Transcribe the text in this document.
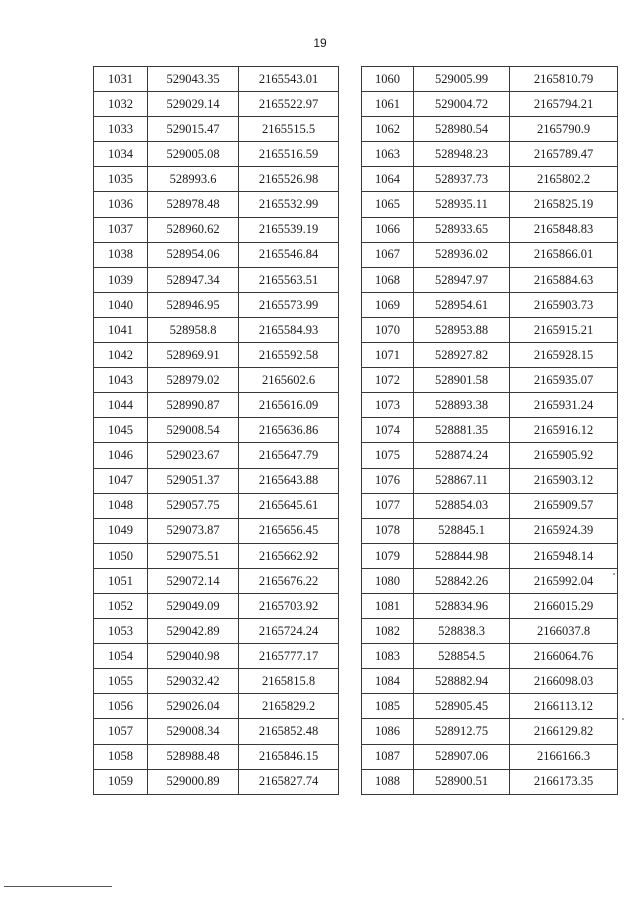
19
1031	529043.35	2165543.01
1032	529029.14	2165522.97
1033	529015.47	2165515.5
1034	529005.08	2165516.59
1035	528993.6	2165526.98
1036	528978.48	2165532.99
1037	528960.62	2165539.19
1038	528954.06	2165546.84
1039	528947.34	2165563.51
1040	528946.95	2165573.99
1041	528958.8	2165584.93
1042	528969.91	2165592.58
1043	528979.02	2165602.6
1044	528990.87	2165616.09
1045	529008.54	2165636.86
1046	529023.67	2165647.79
1047	529051.37	2165643.88
1048	529057.75	2165645.61
1049	529073.87	2165656.45
1050	529075.51	2165662.92
1051	529072.14	2165676.22
1052	529049.09	2165703.92
1053	529042.89	2165724.24
1054	529040.98	2165777.17
1055	529032.42	2165815.8
1056	529026.04	2165829.2
1057	529008.34	2165852.48
1058	528988.48	2165846.15
1059	529000.89	2165827.74
1060	529005.99	2165810.79
1061	529004.72	2165794.21
1062	528980.54	2165790.9
1063	528948.23	2165789.47
1064	528937.73	2165802.2
1065	528935.11	2165825.19
1066	528933.65	2165848.83
1067	528936.02	2165866.01
1068	528947.97	2165884.63
1069	528954.61	2165903.73
1070	528953.88	2165915.21
1071	528927.82	2165928.15
1072	528901.58	2165935.07
1073	528893.38	2165931.24
1074	528881.35	2165916.12
1075	528874.24	2165905.92
1076	528867.11	2165903.12
1077	528854.03	2165909.57
1078	528845.1	2165924.39
1079	528844.98	2165948.14
1080	528842.26	2165992.04
1081	528834.96	2166015.29
1082	528838.3	2166037.8
1083	528854.5	2166064.76
1084	528882.94	2166098.03
1085	528905.45	2166113.12
1086	528912.75	2166129.82
1087	528907.06	2166166.3
1088	528900.51	2166173.35
